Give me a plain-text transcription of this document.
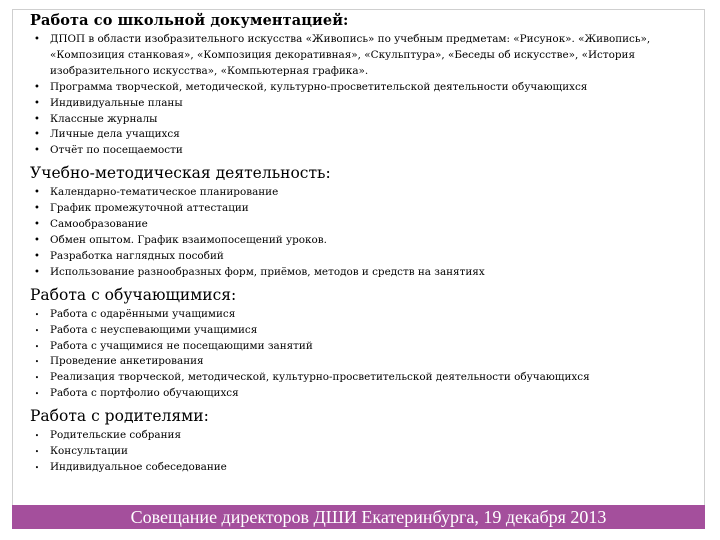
Работа со школьной документацией:
• ДПОП в области изобразительного искусства «Живопись» по учебным предметам: «Рисунок». «Живопись», «Композиция станковая», «Композиция декоративная», «Скульптура», «Беседы об искусстве», «История изобразительного искусства», «Компьютерная графика».
• Программа творческой, методической, культурно-просветительской деятельности обучающихся
• Индивидуальные планы
• Классные журналы
• Личные дела учащихся
• Отчёт по посещаемости
Учебно-методическая деятельность:
• Календарно-тематическое планирование
• График промежуточной аттестации
• Самообразование
• Обмен опытом. График взаимопосещений уроков.
• Разработка наглядных пособий
• Использование разнообразных форм, приёмов, методов и средств на занятиях
Работа с обучающимися:
• Работа с одарёнными учащимися
• Работа с неуспевающими учащимися
• Работа с учащимися не посещающими занятий
• Проведение анкетирования
• Реализация творческой, методической, культурно-просветительской деятельности обучающихся
• Работа с портфолио обучающихся
Работа с родителями:
• Родительские собрания
• Консультации
• Индивидуальное собеседование
Совещание директоров ДШИ Екатеринбурга, 19 декабря 2013
